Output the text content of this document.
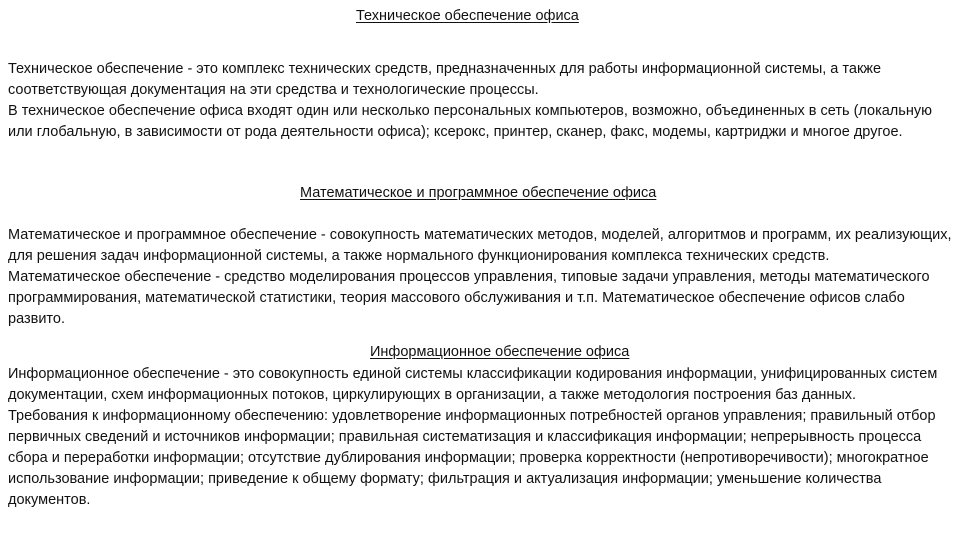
Техническое обеспечение офиса

Техническое обеспечение - это комплекс технических средств, предназначенных для работы информационной системы, а также соответствующая документация на эти средства и технологические процессы.

В техническое обеспечение офиса входят один или несколько персональных компьютеров, возможно, объединенных в сеть (локальную или глобальную, в зависимости от рода деятельности офиса); ксерокс, принтер, сканер, факс, модемы, картриджи и многое другое.

Математическое и программное обеспечение офиса

Математическое и программное обеспечение - совокупность математических методов, моделей, алгоритмов и программ, их реализующих, для решения задач информационной системы, а также нормального функционирования комплекса технических средств.

Математическое обеспечение - средство моделирования процессов управления, типовые задачи управления, методы математического программирования, математической статистики, теория массового обслуживания и т.п. Математическое обеспечение офисов слабо развито.

Информационное обеспечение офиса

Информационное обеспечение - это совокупность единой системы классификации кодирования информации, унифицированных систем документации, схем информационных потоков, циркулирующих в организации, а также методология построения баз данных.

Требования к информационному обеспечению: удовлетворение информационных потребностей органов управления; правильный отбор первичных сведений и источников информации; правильная систематизация и классификация информации; непрерывность процесса сбора и переработки информации; отсутствие дублирования информации; проверка корректности (непротиворечивости); многократное использование информации; приведение к общему формату; фильтрация и актуализация информации; уменьшение количества документов.
